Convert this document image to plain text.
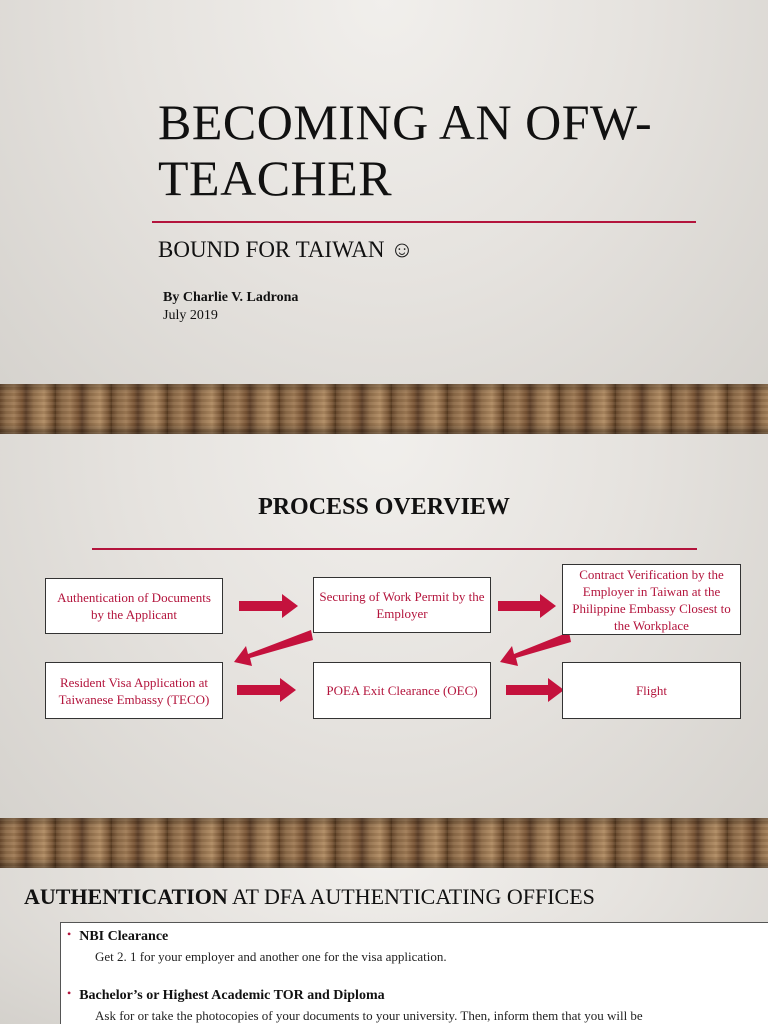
BECOMING AN OFW-
TEACHER
BOUND FOR TAIWAN ☺
By Charlie V. Ladrona
July 2019
PROCESS OVERVIEW
Authentication of Documents by the Applicant
Securing of Work Permit by the Employer
Contract Verification by the Employer in Taiwan at the Philippine Embassy Closest to the Workplace
Resident Visa Application at Taiwanese Embassy (TECO)
POEA Exit Clearance (OEC)	Flight
AUTHENTICATION AT DFA AUTHENTICATING OFFICES
• NBI Clearance
Get 2. 1 for your employer and another one for the visa application.
• Bachelor’s or Highest Academic TOR and Diploma
Ask for or take the photocopies of your documents to your university. Then, inform them that you will be
